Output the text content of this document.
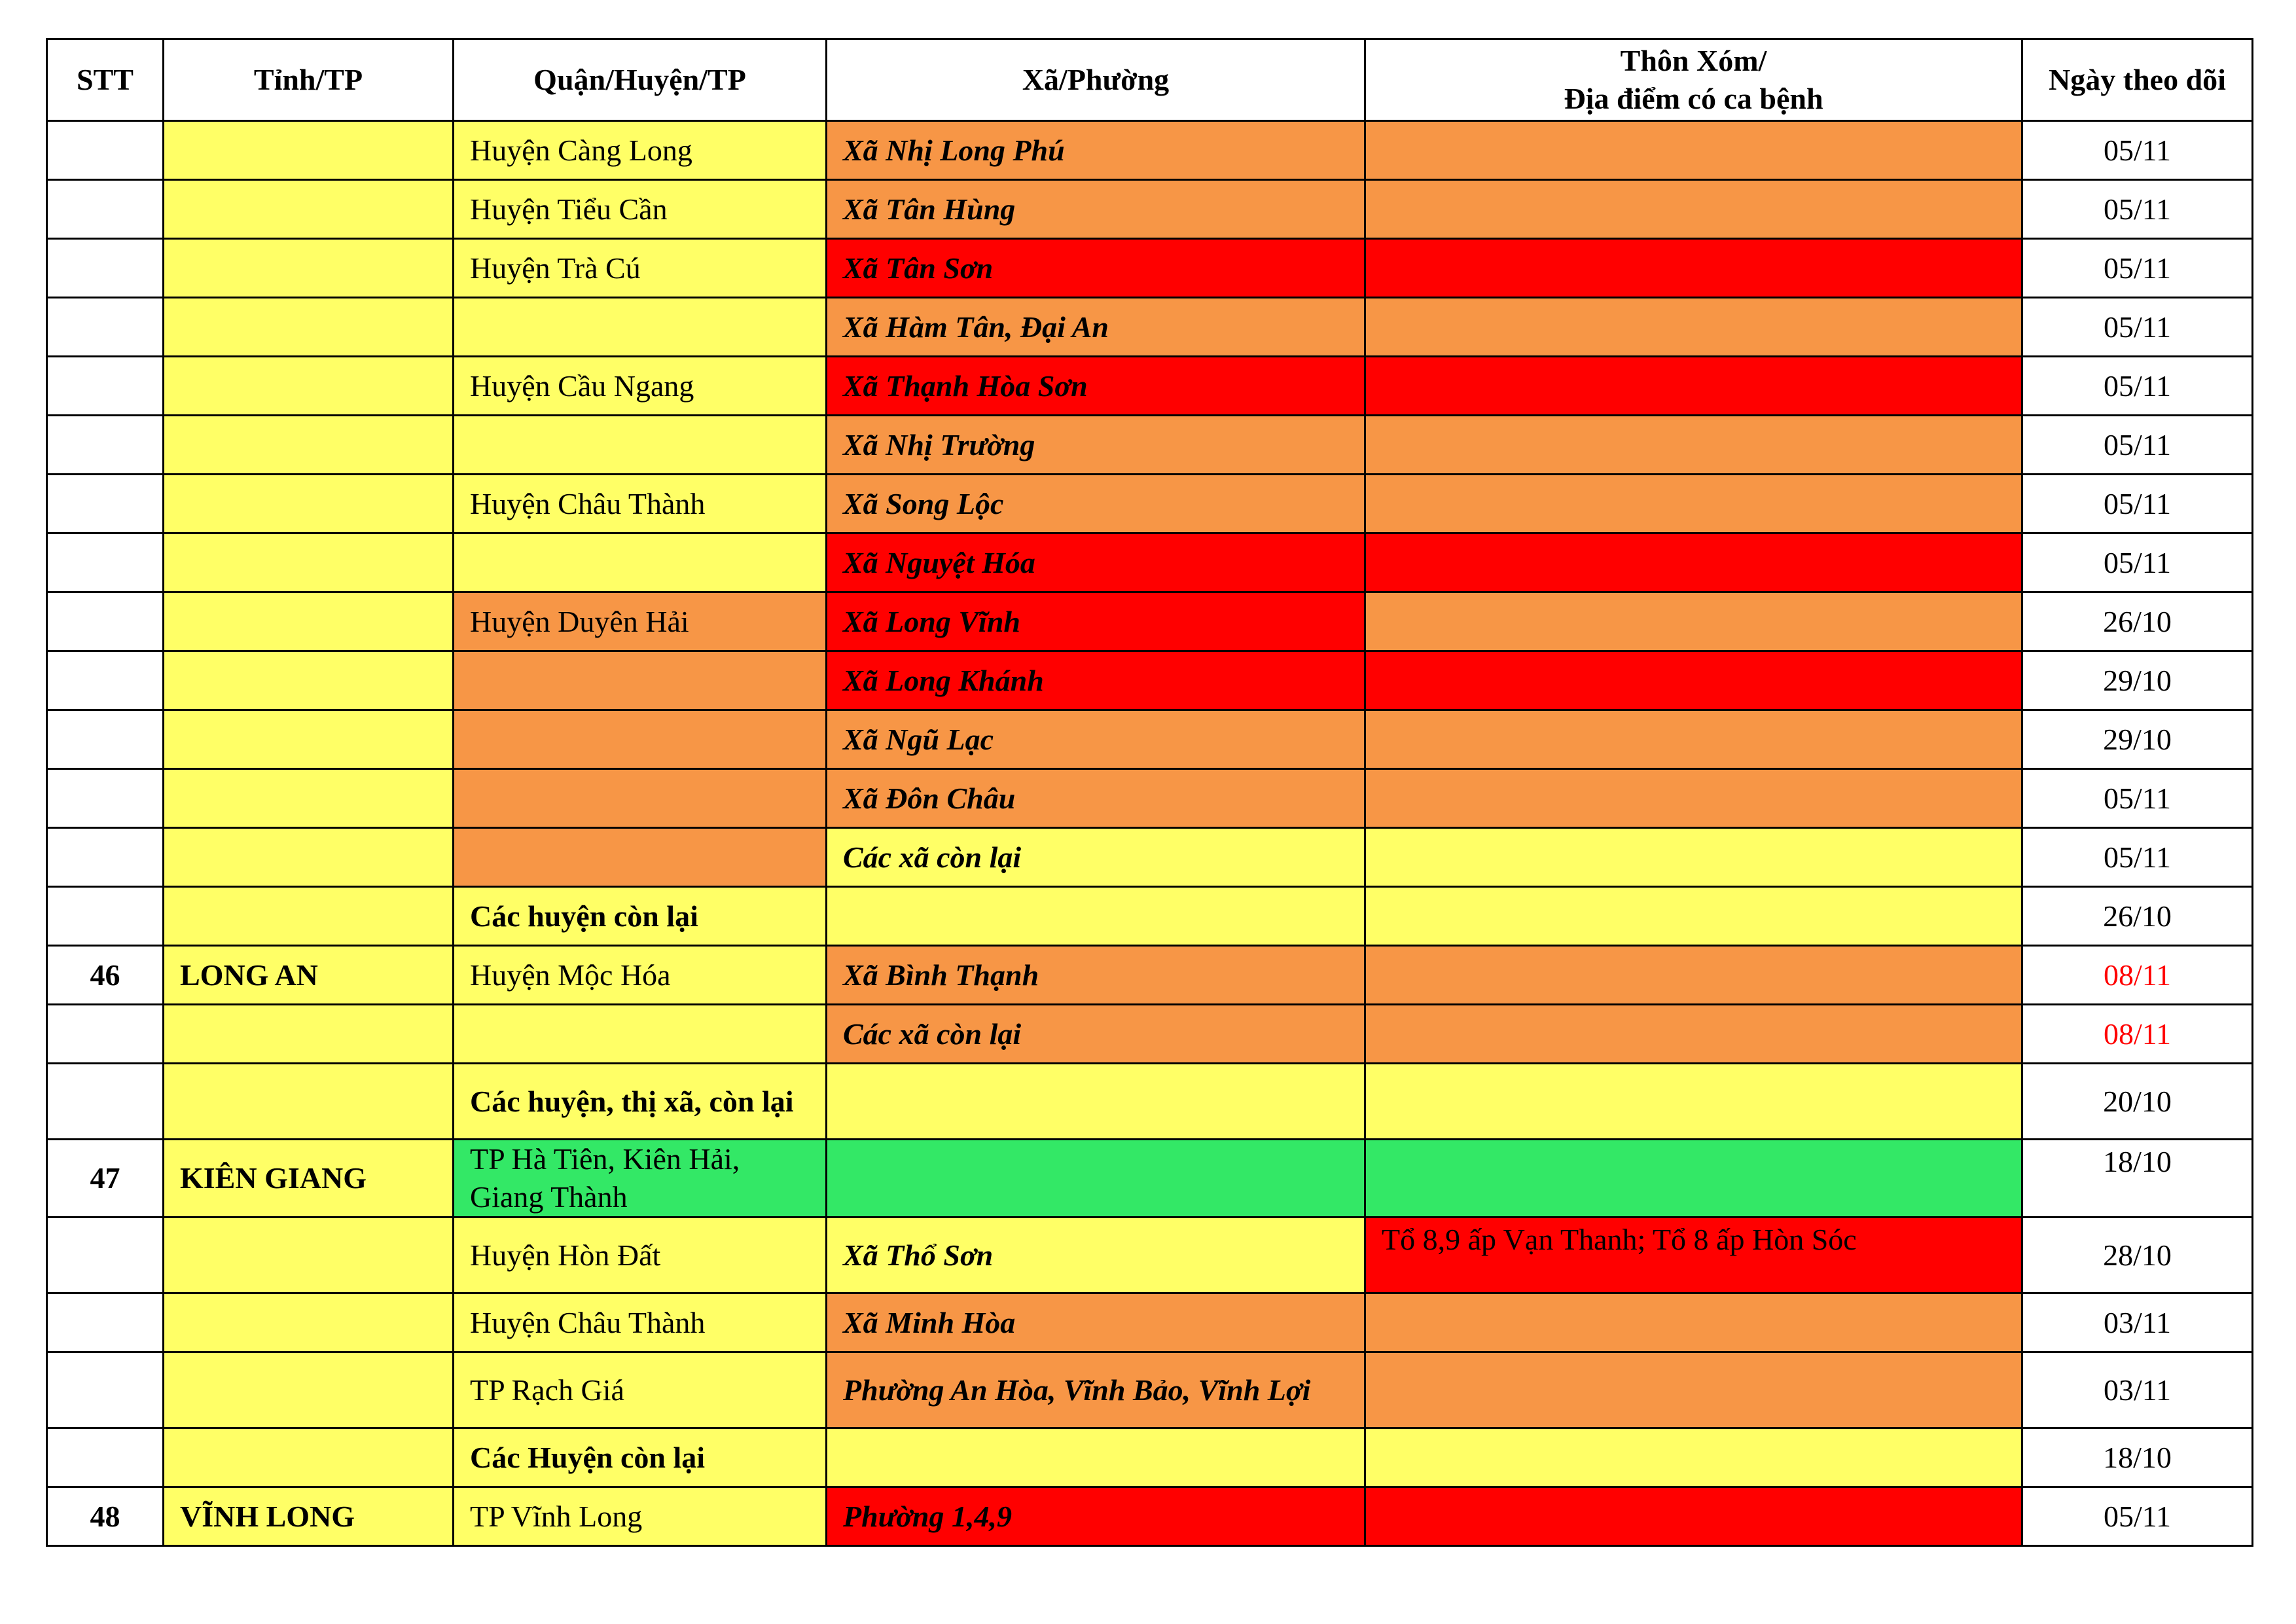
STT	Tỉnh/TP	Quận/Huyện/TP	Xã/Phường	Thôn Xóm/
Địa điểm có ca bệnh	Ngày theo dõi
		Huyện Càng Long	Xã Nhị Long Phú		05/11
		Huyện Tiểu Cần	Xã Tân Hùng		05/11
		Huyện Trà Cú	Xã Tân Sơn		05/11
			Xã Hàm Tân, Đại An		05/11
		Huyện Cầu Ngang	Xã Thạnh Hòa Sơn		05/11
			Xã Nhị Trường		05/11
		Huyện Châu Thành	Xã Song Lộc		05/11
			Xã Nguyệt Hóa		05/11
		Huyện Duyên Hải	Xã Long Vĩnh		26/10
			Xã Long Khánh		29/10
			Xã Ngũ Lạc		29/10
			Xã Đôn Châu		05/11
			Các xã còn lại		05/11
		Các huyện còn lại			26/10
46	LONG AN	Huyện Mộc Hóa	Xã Bình Thạnh		08/11
			Các xã còn lại		08/11
		Các huyện, thị xã, còn lại			20/10
47	KIÊN GIANG	TP Hà Tiên, Kiên Hải, Giang Thành			18/10
		Huyện Hòn Đất	Xã Thổ Sơn	Tổ 8,9 ấp Vạn Thanh; Tổ 8 ấp Hòn Sóc	28/10
		Huyện Châu Thành	Xã Minh Hòa		03/11
		TP Rạch Giá	Phường An Hòa, Vĩnh Bảo, Vĩnh Lợi		03/11
		Các Huyện còn lại			18/10
48	VĨNH LONG	TP Vĩnh Long	Phường 1,4,9		05/11
